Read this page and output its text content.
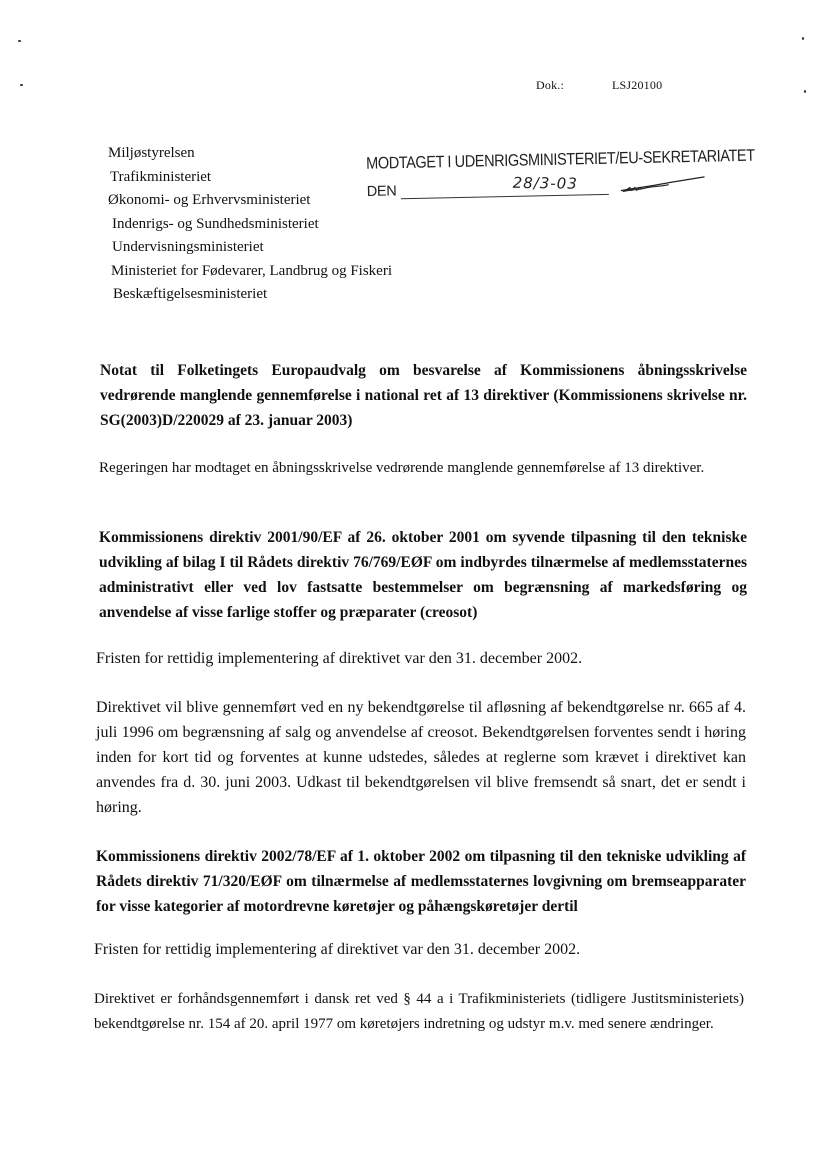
Dok.:	LSJ20100
Miljøstyrelsen
Trafikministeriet
Økonomi- og Erhvervsministeriet
Indenrigs- og Sundhedsministeriet
Undervisningsministeriet
Ministeriet for Fødevarer, Landbrug og Fiskeri
Beskæftigelsesministeriet
MODTAGET I UDENRIGSMINISTERIET/EU-SEKRETARIATET
DEN	28/3-03
Notat til Folketingets Europaudvalg om besvarelse af Kommissionens åbningsskrivelse vedrørende manglende gennemførelse i national ret af 13 direktiver (Kommissionens skrivelse nr. SG(2003)D/220029 af 23. januar 2003)
Regeringen har modtaget en åbningsskrivelse vedrørende manglende gennemførelse af 13 direktiver.
Kommissionens direktiv 2001/90/EF af 26. oktober 2001 om syvende tilpasning til den tekniske udvikling af bilag I til Rådets direktiv 76/769/EØF om indbyrdes tilnærmelse af medlemsstaternes administrativt eller ved lov fastsatte bestemmelser om begrænsning af markedsføring og anvendelse af visse farlige stoffer og præparater (creosot)
Fristen for rettidig implementering af direktivet var den 31. december 2002.
Direktivet vil blive gennemført ved en ny bekendtgørelse til afløsning af bekendtgørelse nr. 665 af 4. juli 1996 om begrænsning af salg og anvendelse af creosot. Bekendtgørelsen forventes sendt i høring inden for kort tid og forventes at kunne udstedes, således at reglerne som krævet i direktivet kan anvendes fra d. 30. juni 2003. Udkast til bekendtgørelsen vil blive fremsendt så snart, det er sendt i høring.
Kommissionens direktiv 2002/78/EF af 1. oktober 2002 om tilpasning til den tekniske udvikling af Rådets direktiv 71/320/EØF om tilnærmelse af medlemsstaternes lovgivning om bremseapparater for visse kategorier af motordrevne køretøjer og påhængskøretøjer dertil
Fristen for rettidig implementering af direktivet var den 31. december 2002.
Direktivet er forhåndsgennemført i dansk ret ved § 44 a i Trafikministeriets (tidligere Justitsministeriets) bekendtgørelse nr. 154 af 20. april 1977 om køretøjers indretning og udstyr m.v. med senere ændringer.
